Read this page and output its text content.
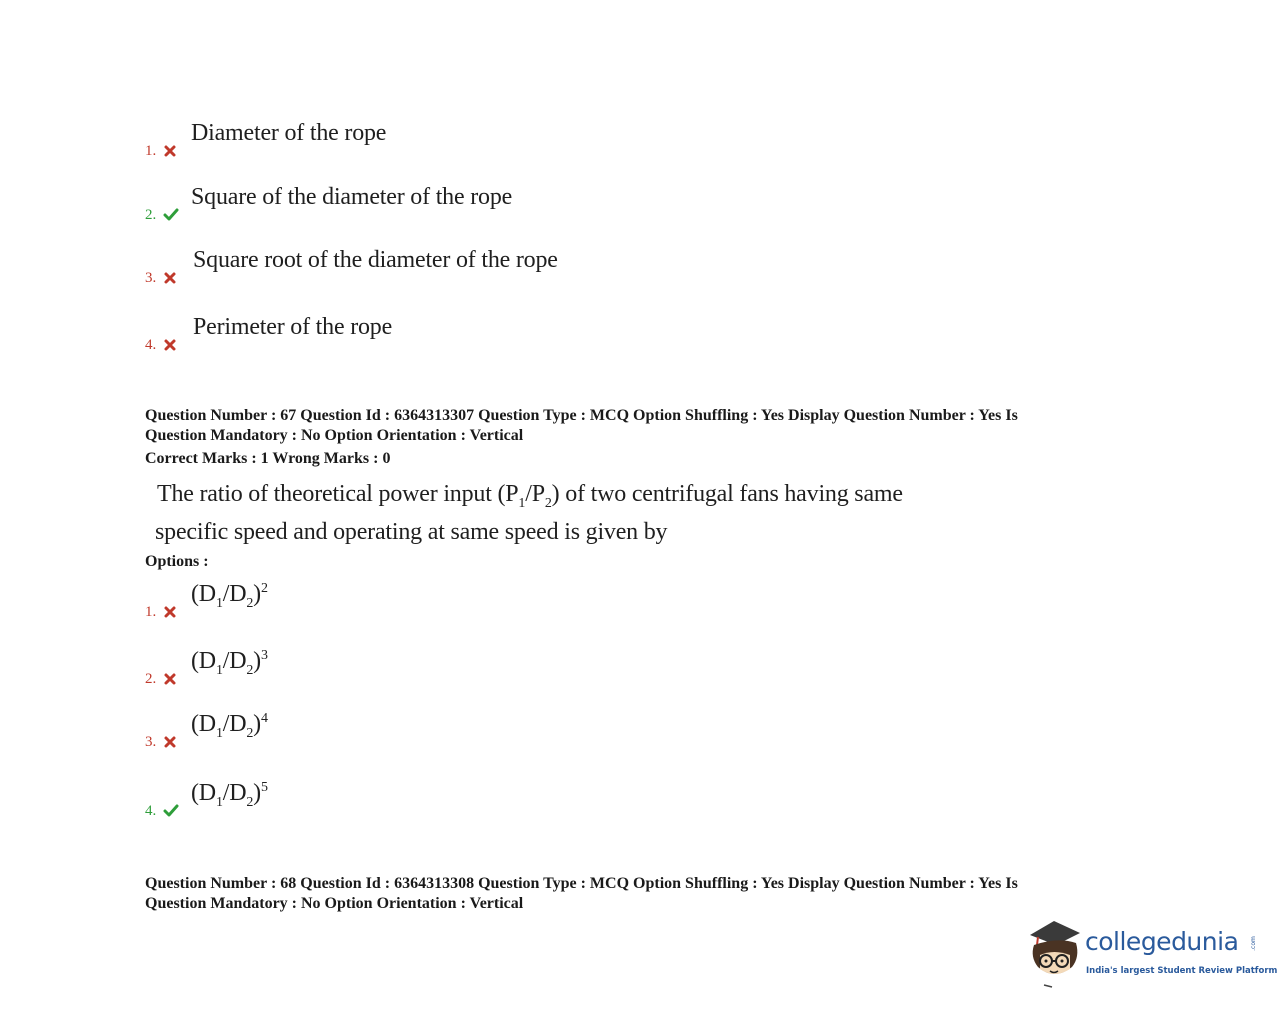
1.
Diameter of the rope
2.
Square of the diameter of the rope
3.
Square root of the diameter of the rope
4.
Perimeter of the rope
Question Number : 67 Question Id : 6364313307 Question Type : MCQ Option Shuffling : Yes Display Question Number : Yes Is
Question Mandatory : No Option Orientation : Vertical
Correct Marks : 1 Wrong Marks : 0
The ratio of theoretical power input $(P_1/P_2)$ of two centrifugal fans having same
specific speed and operating at same speed is given by
Options :
1.
$(D_1/D_2)^2$
2.
$(D_1/D_2)^3$
3.
$(D_1/D_2)^4$
4.
$(D_1/D_2)^5$
Question Number : 68 Question Id : 6364313308 Question Type : MCQ Option Shuffling : Yes Display Question Number : Yes Is
Question Mandatory : No Option Orientation : Vertical
collegedunia .com
India's largest Student Review Platform
